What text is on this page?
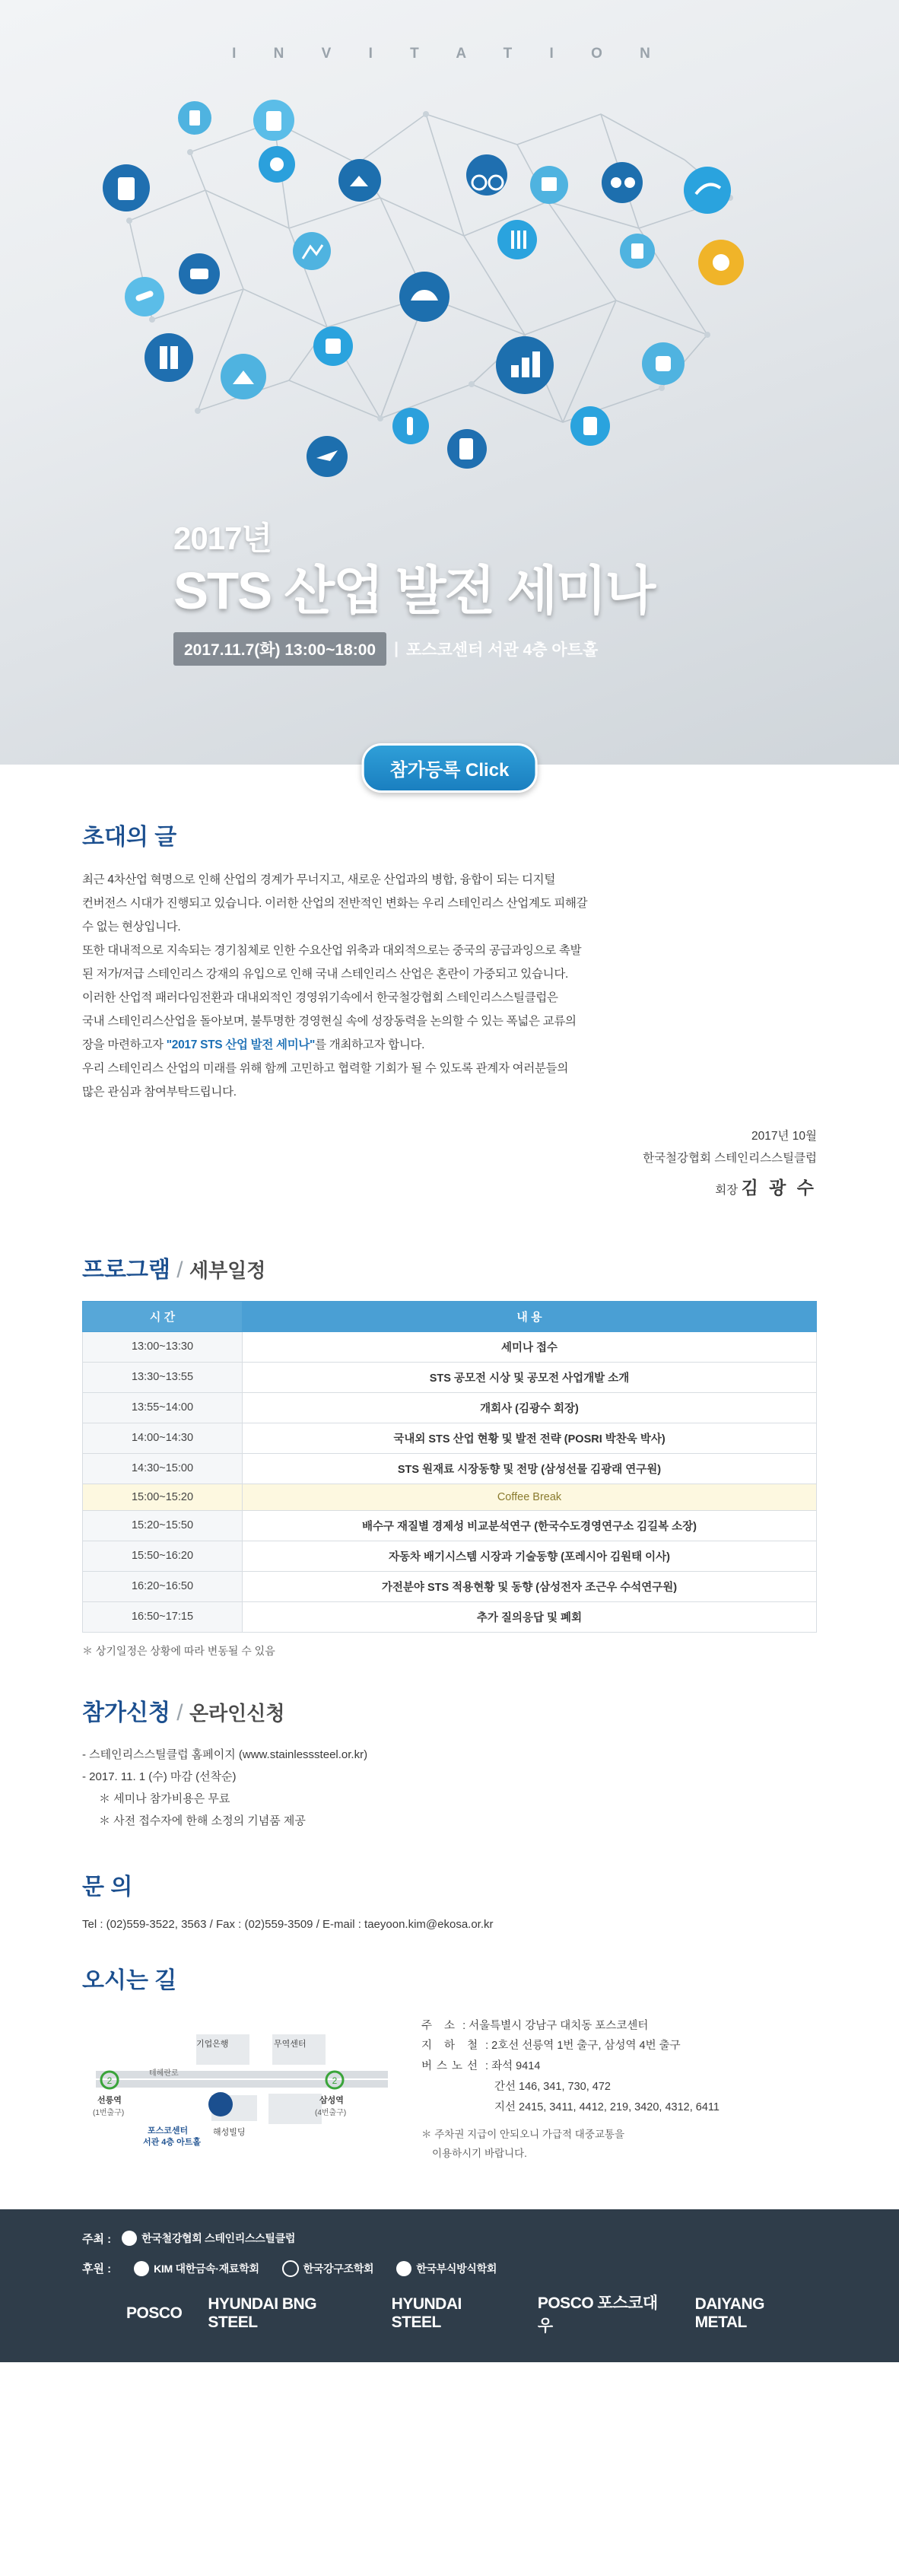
I N V I T A T I O N
2017년
STS 산업 발전 세미나
2017.11.7(화) 13:00~18:00	| 포스코센터 서관 4층 아트홀
참가등록 Click
초대의 글
최근 4차산업 혁명으로 인해 산업의 경계가 무너지고, 새로운 산업과의 병합, 융합이 되는 디지털
컨버전스 시대가 진행되고 있습니다. 이러한 산업의 전반적인 변화는 우리 스테인리스 산업계도 피해갈
수 없는 현상입니다.
또한 대내적으로 지속되는 경기침체로 인한 수요산업 위축과 대외적으로는 중국의 공급과잉으로 촉발
된 저가/저급 스테인리스 강재의 유입으로 인해 국내 스테인리스 산업은 혼란이 가중되고 있습니다.
이러한 산업적 패러다임전환과 대내외적인 경영위기속에서 한국철강협회 스테인리스스틸클럽은
국내 스테인리스산업을 돌아보며, 불투명한 경영현실 속에 성장동력을 논의할 수 있는 폭넓은 교류의
장을 마련하고자 "2017 STS 산업 발전 세미나"를 개최하고자 합니다.
우리 스테인리스 산업의 미래를 위해 함께 고민하고 협력할 기회가 될 수 있도록 관계자 여러분들의
많은 관심과 참여부탁드립니다.
2017년 10월
한국철강협회 스테인리스스틸클럽
회장 김 광 수
프로그램 / 세부일정
시 간	내 용
13:00~13:30	세미나 접수
13:30~13:55	STS 공모전 시상 및 공모전 사업개발 소개
13:55~14:00	개회사 (김광수 회장)
14:00~14:30	국내외 STS 산업 현황 및 발전 전략 (POSRI 박찬욱 박사)
14:30~15:00	STS 원재료 시장동향 및 전망 (삼성선물 김광래 연구원)
15:00~15:20	Coffee Break
15:20~15:50	배수구 재질별 경제성 비교분석연구 (한국수도경영연구소 김길복 소장)
15:50~16:20	자동차 배기시스템 시장과 기술동향 (포레시아 김원태 이사)
16:20~16:50	가전분야 STS 적용현황 및 동향 (삼성전자 조근우 수석연구원)
16:50~17:15	추가 질의응답 및 폐회
＊ 상기일정은 상황에 따라 변동될 수 있음
참가신청 / 온라인신청
- 스테인리스스틸클럽 홈페이지 (www.stainlesssteel.or.kr)
- 2017. 11. 1 (수) 마감 (선착순)
＊ 세미나 참가비용은 무료
＊ 사전 접수자에 한해 소정의 기념품 제공
문 의
Tel : (02)559-3522, 3563 / Fax : (02)559-3509 / E-mail : taeyoon.kim@ekosa.or.kr
오시는 길
2	2
테헤란로
기업은행	무역센터
해성빌딩
선릉역
(1번출구)
삼성역
(4번출구)
포스코센터
서관 4층 아트홀
주 소 : 서울특별시 강남구 대치동 포스코센터
지 하 철 : 2호선 선릉역 1번 출구, 삼성역 4번 출구
버스노선 : 좌석 9414
간선 146, 341, 730, 472
지선 2415, 3411, 4412, 219, 3420, 4312, 6411
＊ 주차권 지급이 안되오니 가급적 대중교통을
이용하시기 바랍니다.
주최 :	한국철강협회 스테인리스스틸클럽
후원 :	KIM 대한금속·재료학회	한국강구조학회	한국부식방식학회
POSCO
HYUNDAI BNG STEEL
HYUNDAI STEEL
POSCO 포스코대우
DAIYANG METAL
